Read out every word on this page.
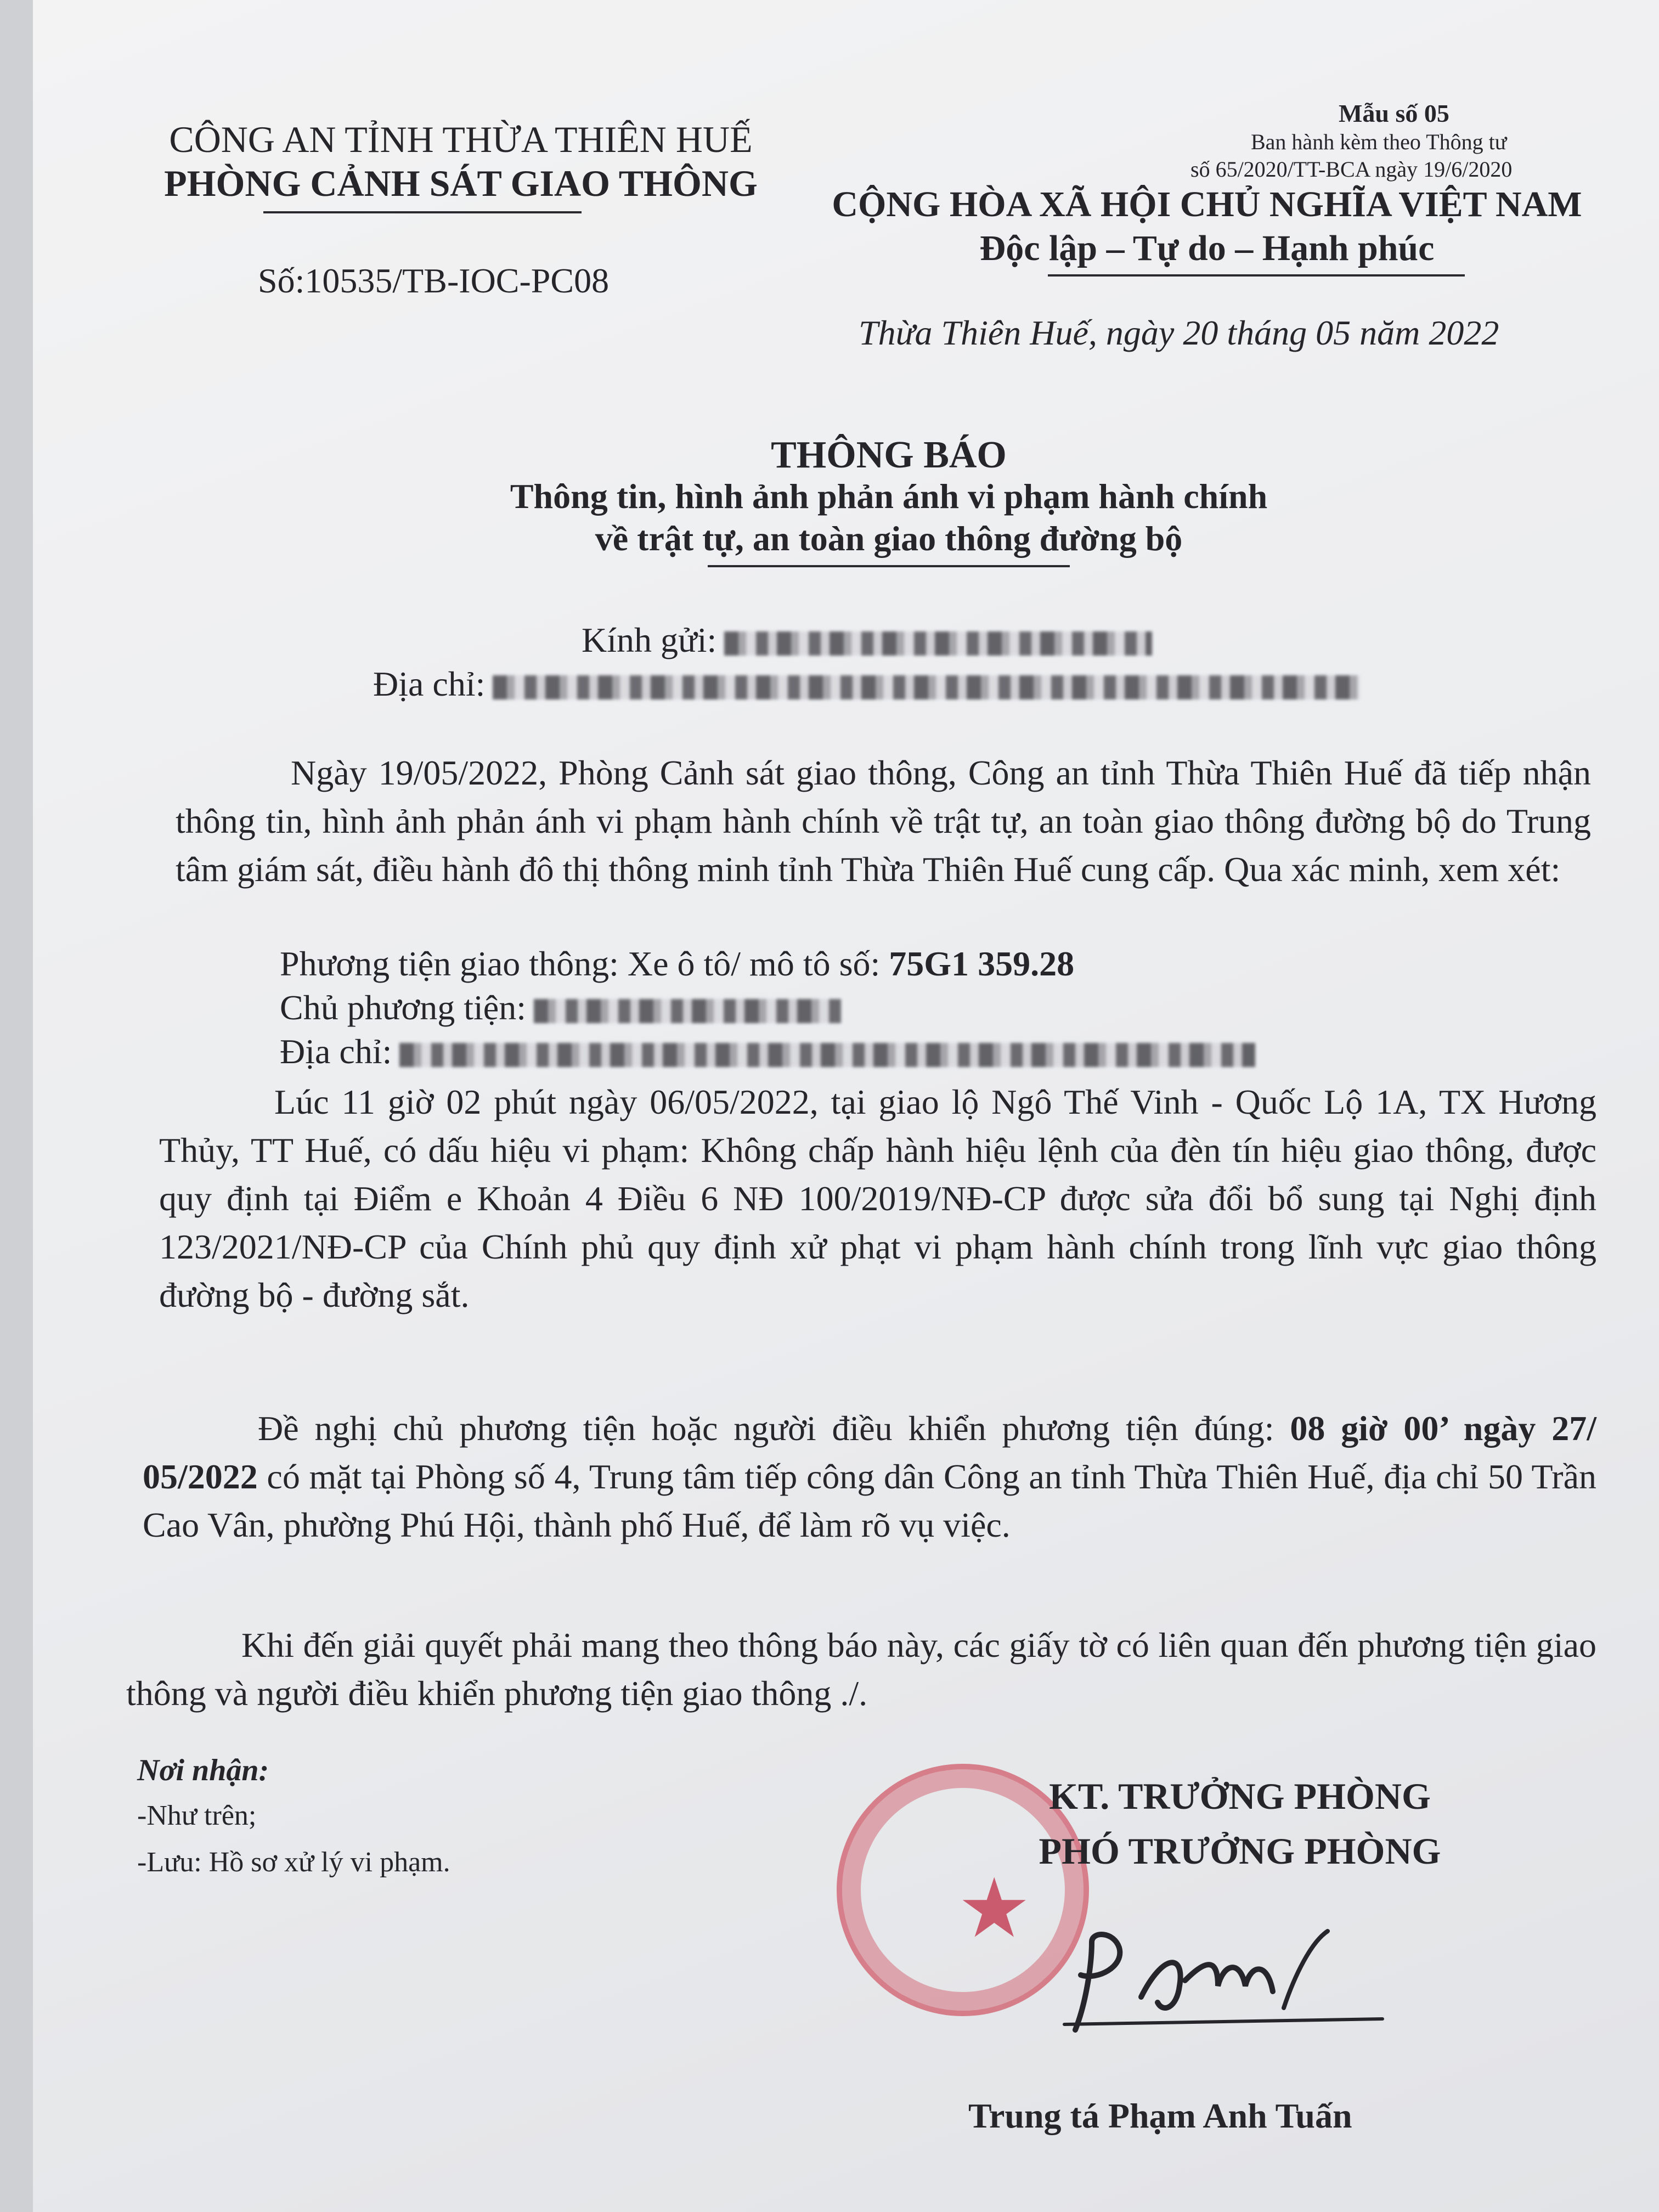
CÔNG AN TỈNH THỪA THIÊN HUẾ
PHÒNG CẢNH SÁT GIAO THÔNG
Số:10535/TB-IOC-PC08
Mẫu số 05
Ban hành kèm theo Thông tư
số 65/2020/TT-BCA ngày 19/6/2020
CỘNG HÒA XÃ HỘI CHỦ NGHĨA VIỆT NAM
Độc lập – Tự do – Hạnh phúc
Thừa Thiên Huế, ngày 20 tháng 05 năm 2022
THÔNG BÁO
Thông tin, hình ảnh phản ánh vi phạm hành chính
về trật tự, an toàn giao thông đường bộ
Kính gửi:
Địa chỉ:
Ngày 19/05/2022, Phòng Cảnh sát giao thông, Công an tỉnh Thừa Thiên Huế đã tiếp nhận thông tin, hình ảnh phản ánh vi phạm hành chính về trật tự, an toàn giao thông đường bộ do Trung tâm giám sát, điều hành đô thị thông minh tỉnh Thừa Thiên Huế cung cấp. Qua xác minh, xem xét:
Phương tiện giao thông: Xe ô tô/ mô tô số: 75G1 359.28
Chủ phương tiện:
Địa chỉ:
Lúc 11 giờ 02 phút ngày 06/05/2022, tại giao lộ Ngô Thế Vinh - Quốc Lộ 1A, TX Hương Thủy, TT Huế, có dấu hiệu vi phạm: Không chấp hành hiệu lệnh của đèn tín hiệu giao thông, được quy định tại Điểm e Khoản 4 Điều 6 NĐ 100/2019/NĐ-CP được sửa đổi bổ sung tại Nghị định 123/2021/NĐ-CP của Chính phủ quy định xử phạt vi phạm hành chính trong lĩnh vực giao thông đường bộ - đường sắt.
Đề nghị chủ phương tiện hoặc người điều khiển phương tiện đúng: 08 giờ 00’ ngày 27/ 05/2022 có mặt tại Phòng số 4, Trung tâm tiếp công dân Công an tỉnh Thừa Thiên Huế, địa chỉ 50 Trần Cao Vân, phường Phú Hội, thành phố Huế, để làm rõ vụ việc.
Khi đến giải quyết phải mang theo thông báo này, các giấy tờ có liên quan đến phương tiện giao thông và người điều khiển phương tiện giao thông ./.
Nơi nhận:
-Như trên;
-Lưu: Hồ sơ xử lý vi phạm.
★
KT. TRƯỞNG PHÒNG
PHÓ TRƯỞNG PHÒNG
Trung tá Phạm Anh Tuấn
